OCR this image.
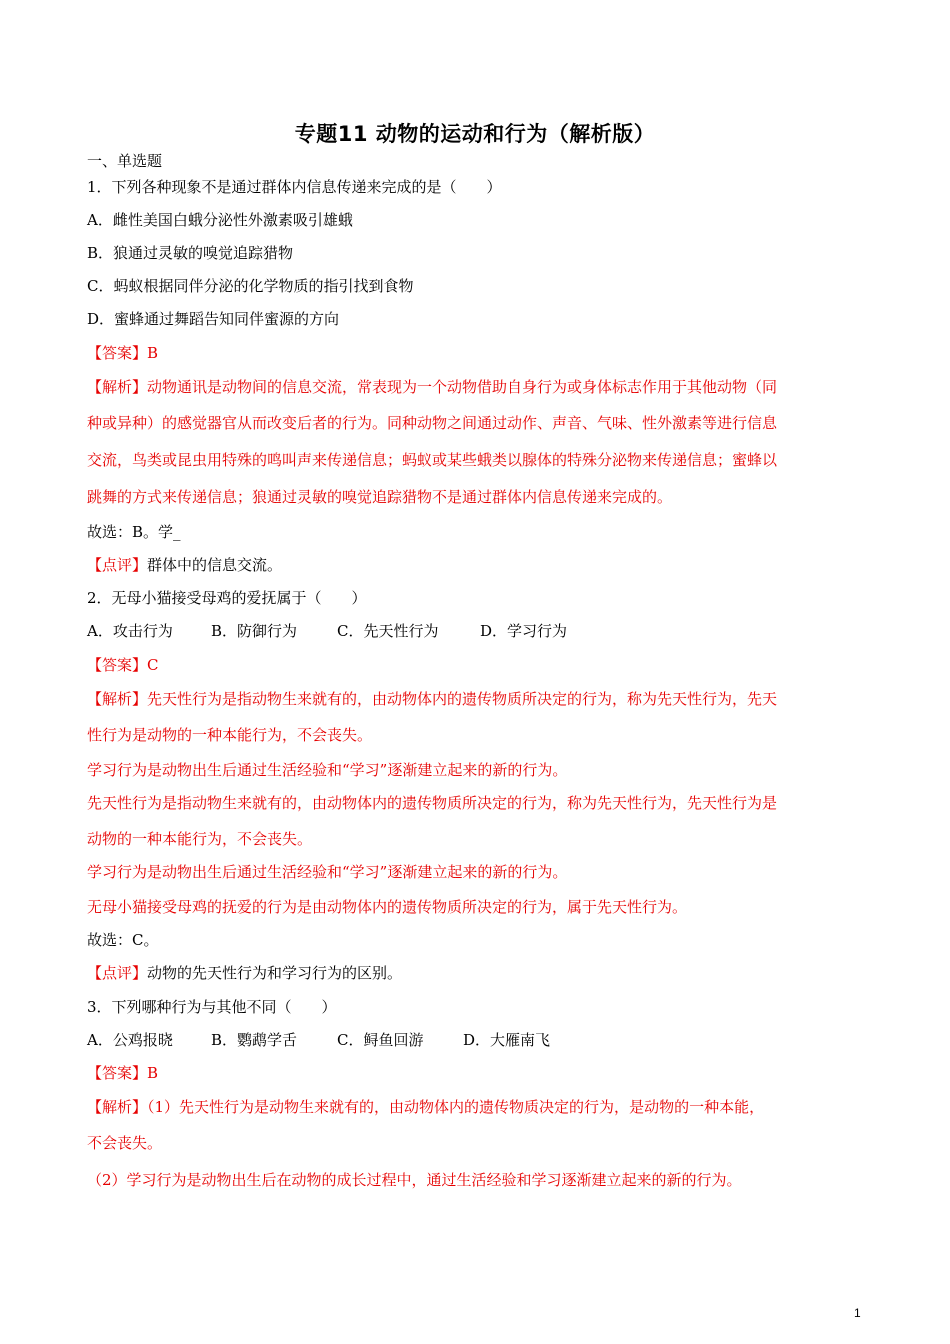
专题11 动物的运动和行为（解析版）
一、单选题
1．下列各种现象不是通过群体内信息传递来完成的是（　　）
A．雌性美国白蛾分泌性外激素吸引雄蛾
B．狼通过灵敏的嗅觉追踪猎物
C．蚂蚁根据同伴分泌的化学物质的指引找到食物
D．蜜蜂通过舞蹈告知同伴蜜源的方向
【答案】B
【解析】动物通讯是动物间的信息交流，常表现为一个动物借助自身行为或身体标志作用于其他动物（同
种或异种）的感觉器官从而改变后者的行为。同种动物之间通过动作、声音、气味、性外激素等进行信息
交流，鸟类或昆虫用特殊的鸣叫声来传递信息；蚂蚁或某些蛾类以腺体的特殊分泌物来传递信息；蜜蜂以
跳舞的方式来传递信息；狼通过灵敏的嗅觉追踪猎物不是通过群体内信息传递来完成的。
故选：B。学_
【点评】群体中的信息交流。
2．无母小猫接受母鸡的爱抚属于（　　）
A．攻击行为	B．防御行为	C．先天性行为	D．学习行为
【答案】C
【解析】先天性行为是指动物生来就有的，由动物体内的遗传物质所决定的行为，称为先天性行为，先天
性行为是动物的一种本能行为，不会丧失。
学习行为是动物出生后通过生活经验和“学习”逐渐建立起来的新的行为。
先天性行为是指动物生来就有的，由动物体内的遗传物质所决定的行为，称为先天性行为，先天性行为是
动物的一种本能行为，不会丧失。
学习行为是动物出生后通过生活经验和“学习”逐渐建立起来的新的行为。
无母小猫接受母鸡的抚爱的行为是由动物体内的遗传物质所决定的行为，属于先天性行为。
故选：C。
【点评】动物的先天性行为和学习行为的区别。
3．下列哪种行为与其他不同（　　）
A．公鸡报晓	B．鹦鹉学舌	C．鲟鱼回游	D．大雁南飞
【答案】B
【解析】（1）先天性行为是动物生来就有的，由动物体内的遗传物质决定的行为，是动物的一种本能，
不会丧失。
（2）学习行为是动物出生后在动物的成长过程中，通过生活经验和学习逐渐建立起来的新的行为。
1
